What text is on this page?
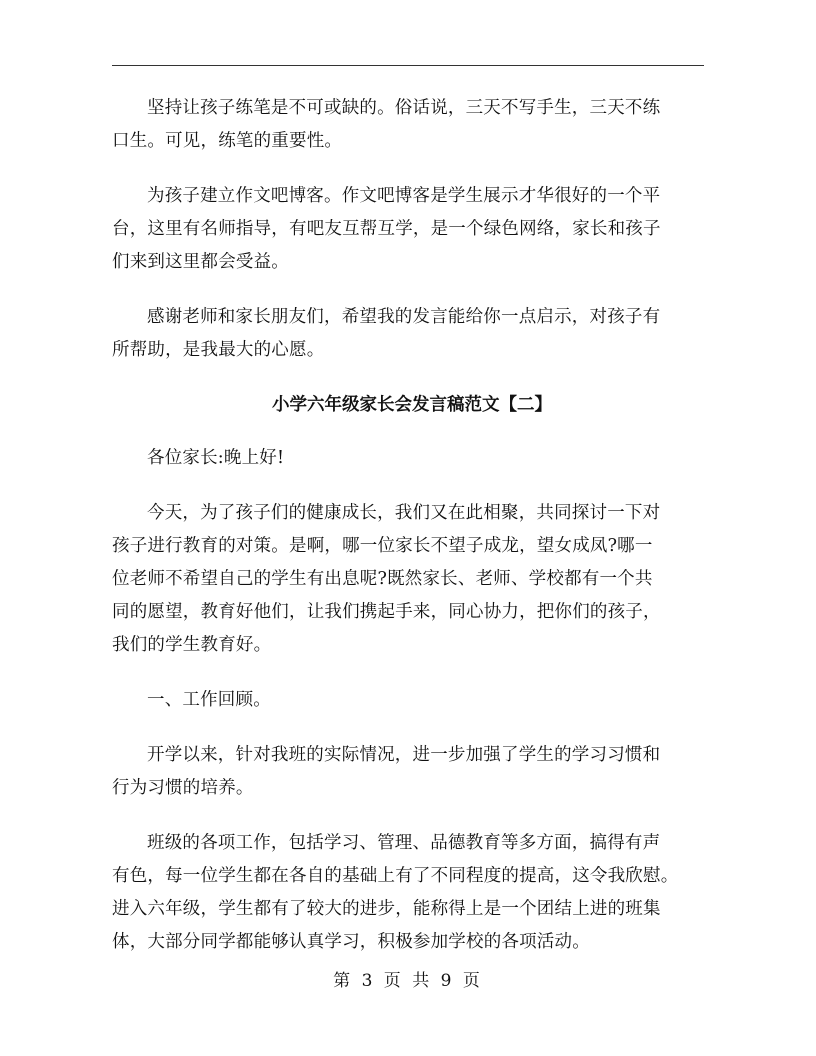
坚持让孩子练笔是不可或缺的。俗话说，三天不写手生，三天不练
口生。可见，练笔的重要性。

为孩子建立作文吧博客。作文吧博客是学生展示才华很好的一个平
台，这里有名师指导，有吧友互帮互学，是一个绿色网络，家长和孩子
们来到这里都会受益。

感谢老师和家长朋友们，希望我的发言能给你一点启示，对孩子有
所帮助，是我最大的心愿。

小学六年级家长会发言稿范文【二】

各位家长:晚上好!

今天，为了孩子们的健康成长，我们又在此相聚，共同探讨一下对
孩子进行教育的对策。是啊，哪一位家长不望子成龙，望女成凤?哪一
位老师不希望自己的学生有出息呢?既然家长、老师、学校都有一个共
同的愿望，教育好他们，让我们携起手来，同心协力，把你们的孩子，
我们的学生教育好。

一、工作回顾。

开学以来，针对我班的实际情况，进一步加强了学生的学习习惯和
行为习惯的培养。

班级的各项工作，包括学习、管理、品德教育等多方面，搞得有声
有色，每一位学生都在各自的基础上有了不同程度的提高，这令我欣慰。
进入六年级，学生都有了较大的进步，能称得上是一个团结上进的班集
体，大部分同学都能够认真学习，积极参加学校的各项活动。

第 3 页 共 9 页
